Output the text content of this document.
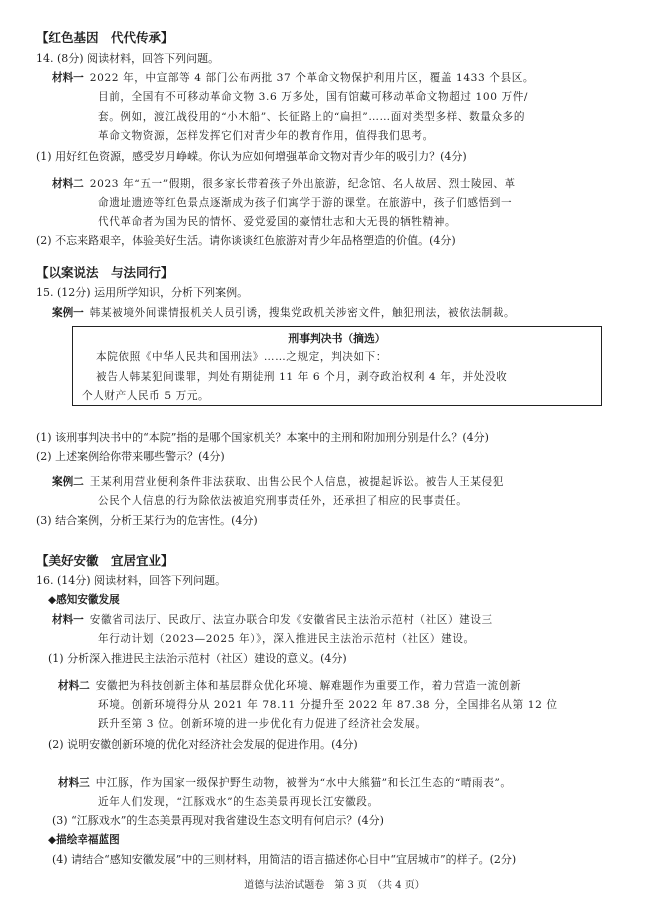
【红色基因　代代传承】
14. (8分) 阅读材料，回答下列问题。
材料一 2022 年，中宣部等 4 部门公布两批 37 个革命文物保护利用片区，覆盖 1433 个县区。
目前，全国有不可移动革命文物 3.6 万多处，国有馆藏可移动革命文物超过 100 万件/
套。例如，渡江战役用的“小木船”、长征路上的“扁担”……面对类型多样、数量众多的
革命文物资源，怎样发挥它们对青少年的教育作用，值得我们思考。
(1) 用好红色资源，感受岁月峥嵘。你认为应如何增强革命文物对青少年的吸引力？(4分)
材料二 2023 年“五一”假期，很多家长带着孩子外出旅游，纪念馆、名人故居、烈士陵园、革
命遗址遗迹等红色景点逐渐成为孩子们寓学于游的课堂。在旅游中，孩子们感悟到一
代代革命者为国为民的情怀、爱党爱国的豪情壮志和大无畏的牺牲精神。
(2) 不忘来路艰辛，体验美好生活。请你谈谈红色旅游对青少年品格塑造的价值。(4分)
【以案说法　与法同行】
15. (12分) 运用所学知识，分析下列案例。
案例一 韩某被境外间谍情报机关人员引诱，搜集党政机关涉密文件，触犯刑法，被依法制裁。
刑事判决书（摘选）
本院依照《中华人民共和国刑法》……之规定，判决如下：
被告人韩某犯间谍罪，判处有期徒刑 11 年 6 个月，剥夺政治权利 4 年，并处没收
个人财产人民币 5 万元。
(1) 该刑事判决书中的“本院”指的是哪个国家机关？本案中的主刑和附加刑分别是什么？(4分)
(2) 上述案例给你带来哪些警示？(4分)
案例二 王某利用营业便利条件非法获取、出售公民个人信息，被提起诉讼。被告人王某侵犯
公民个人信息的行为除依法被追究刑事责任外，还承担了相应的民事责任。
(3) 结合案例，分析王某行为的危害性。(4分)
【美好安徽　宜居宜业】
16. (14分) 阅读材料，回答下列问题。
◆感知安徽发展
材料一 安徽省司法厅、民政厅、法宣办联合印发《安徽省民主法治示范村（社区）建设三
年行动计划（2023—2025 年）》，深入推进民主法治示范村（社区）建设。
(1) 分析深入推进民主法治示范村（社区）建设的意义。(4分)
材料二 安徽把为科技创新主体和基层群众优化环境、解难题作为重要工作，着力营造一流创新
环境。创新环境得分从 2021 年 78.11 分提升至 2022 年 87.38 分，全国排名从第 12 位
跃升至第 3 位。创新环境的进一步优化有力促进了经济社会发展。
(2) 说明安徽创新环境的优化对经济社会发展的促进作用。(4分)
材料三 中江豚，作为国家一级保护野生动物，被誉为“水中大熊猫”和长江生态的“晴雨表”。
近年人们发现，“江豚戏水”的生态美景再现长江安徽段。
(3) “江豚戏水”的生态美景再现对我省建设生态文明有何启示？(4分)
◆描绘幸福蓝图
(4) 请结合“感知安徽发展”中的三则材料，用简洁的语言描述你心目中“宜居城市”的样子。(2分)
道德与法治试题卷　第 3 页　（共 4 页）
